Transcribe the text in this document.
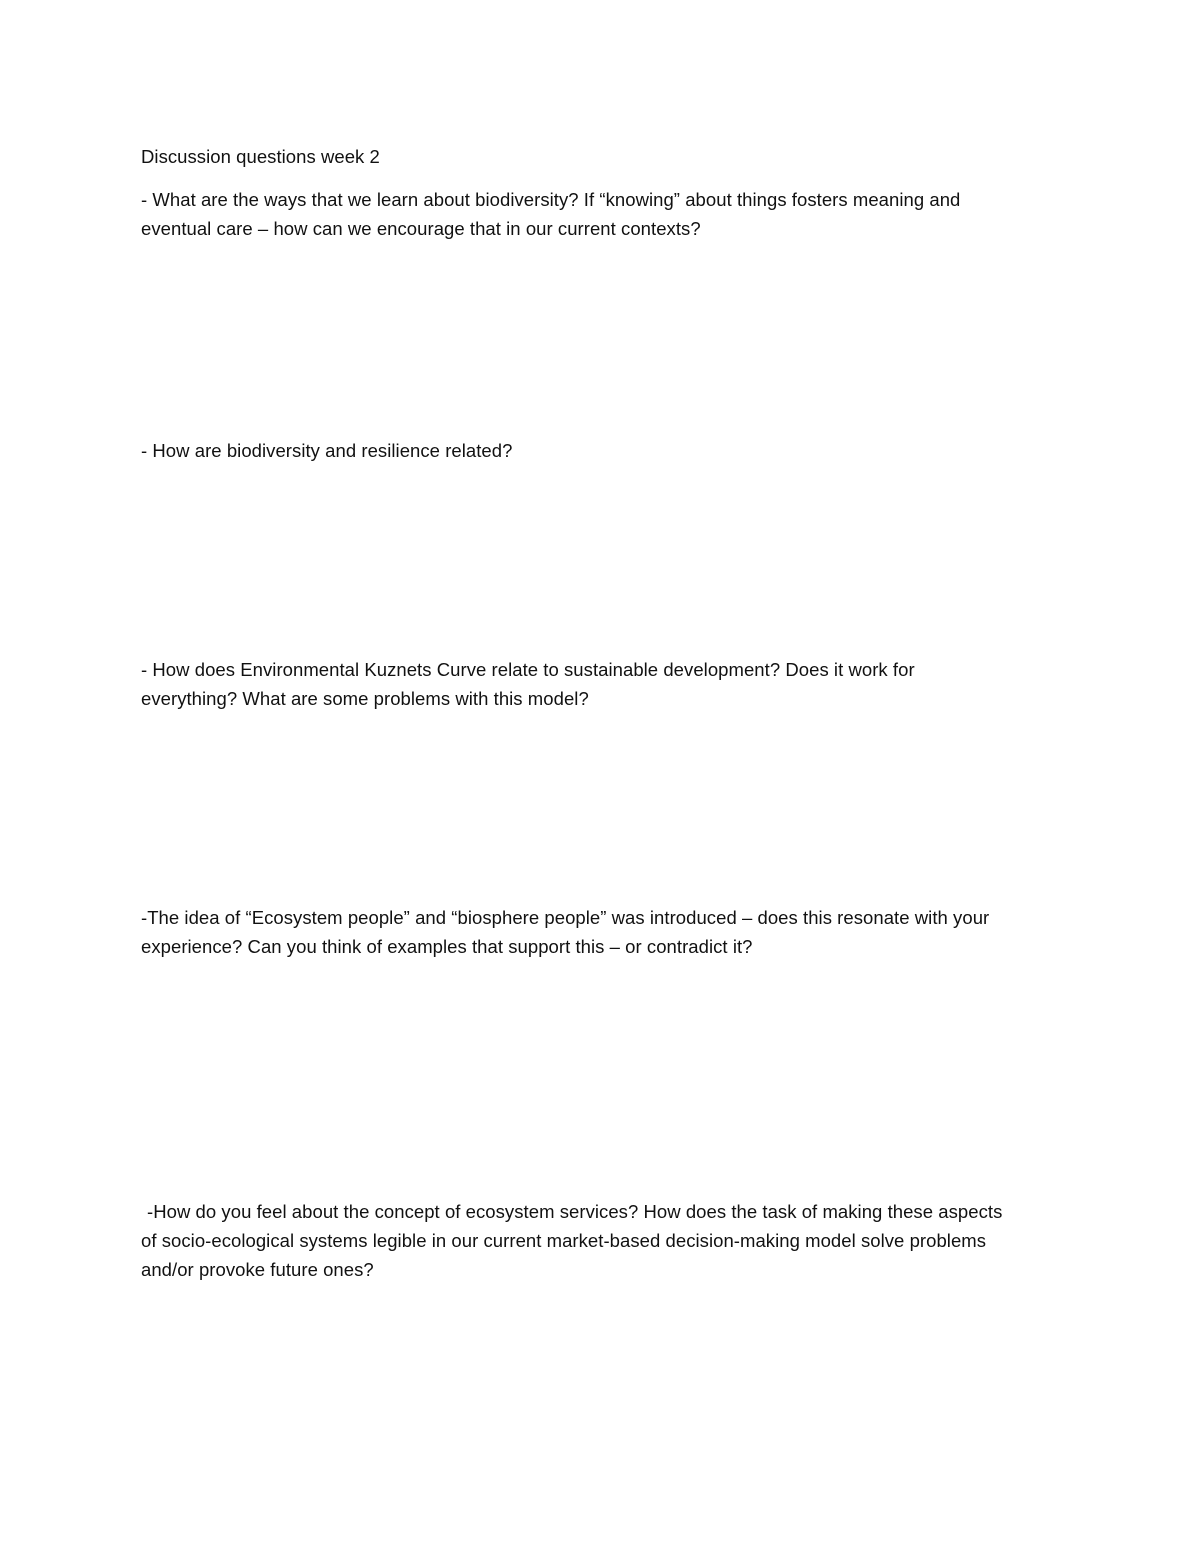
Discussion questions week 2
- What are the ways that we learn about biodiversity? If “knowing” about things fosters meaning and
eventual care – how can we encourage that in our current contexts?
- How are biodiversity and resilience related?
- How does Environmental Kuznets Curve relate to sustainable development? Does it work for
everything? What are some problems with this model?
-The idea of “Ecosystem people” and “biosphere people” was introduced – does this resonate with your
experience? Can you think of examples that support this – or contradict it?
-How do you feel about the concept of ecosystem services? How does the task of making these aspects
of socio-ecological systems legible in our current market-based decision-making model solve problems
and/or provoke future ones?
